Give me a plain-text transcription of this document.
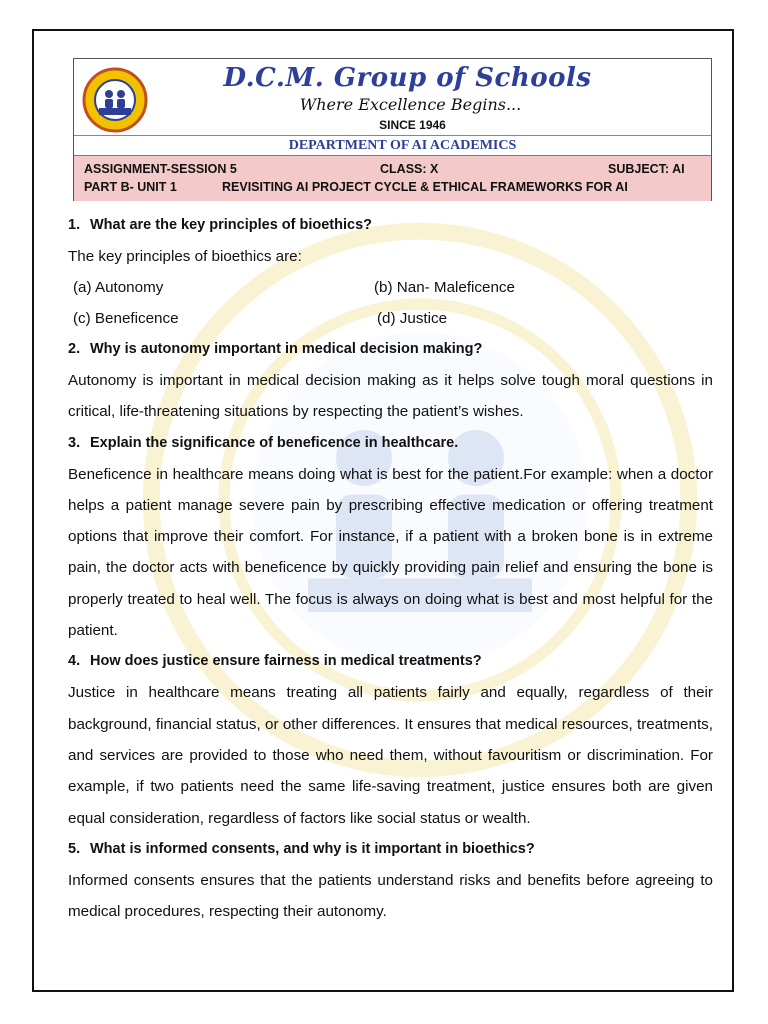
D.C.M. Group of Schools
Where Excellence Begins...
SINCE 1946
DEPARTMENT OF AI ACADEMICS
ASSIGNMENT-SESSION 5	CLASS: X	SUBJECT: AI
PART B- UNIT 1	REVISITING AI PROJECT CYCLE & ETHICAL FRAMEWORKS FOR AI

1. What are the key principles of bioethics?

The key principles of bioethics are:

(a) Autonomy	(b) Nan- Maleficence
(c) Beneficence	(d) Justice

2. Why is autonomy important in medical decision making?

Autonomy is important in medical decision making as it helps solve tough moral questions in critical, life-threatening situations by respecting the patient’s wishes.

3. Explain the significance of beneficence in healthcare.

Beneficence in healthcare means doing what is best for the patient.For example: when a doctor helps a patient manage severe pain by prescribing effective medication or offering treatment options that improve their comfort. For instance, if a patient with a broken bone is in extreme pain, the doctor acts with beneficence by quickly providing pain relief and ensuring the bone is properly treated to heal well. The focus is always on doing what is best and most helpful for the patient.

4. How does justice ensure fairness in medical treatments?

Justice in healthcare means treating all patients fairly and equally, regardless of their background, financial status, or other differences. It ensures that medical resources, treatments, and services are provided to those who need them, without favouritism or discrimination. For example, if two patients need the same life-saving treatment, justice ensures both are given equal consideration, regardless of factors like social status or wealth.

5. What is informed consents, and why is it important in bioethics?

Informed consents ensures that the patients understand risks and benefits before agreeing to medical procedures, respecting their autonomy.
